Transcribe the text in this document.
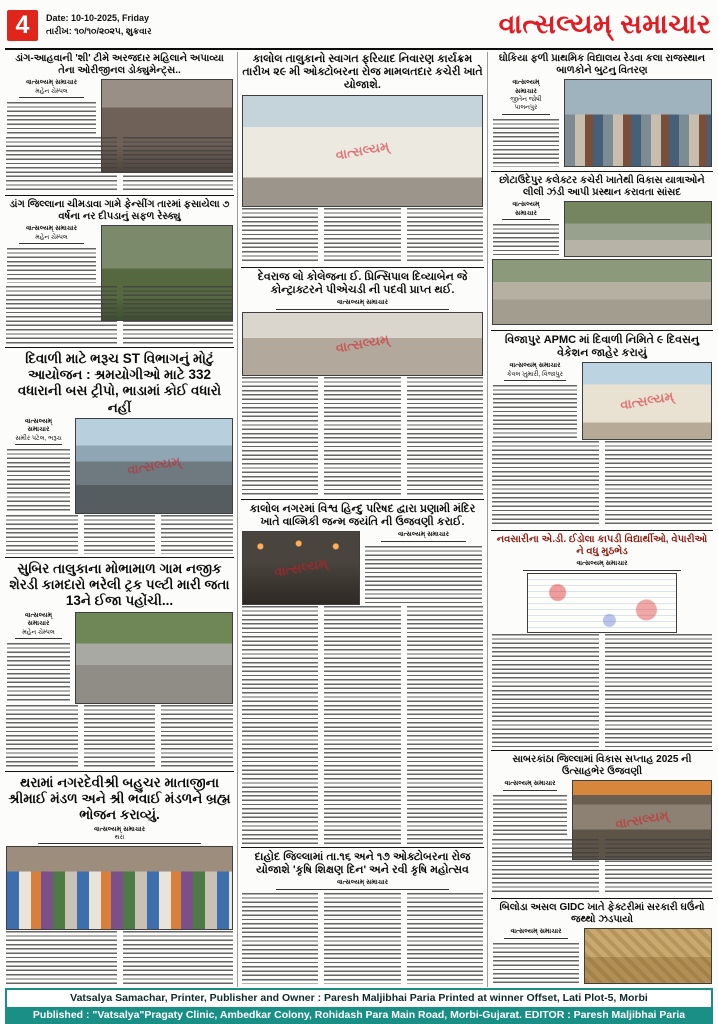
4	Date: 10-10-2025, Friday
તારીખ: ૧૦/૧૦/૨૦૨૫, શુક્રવાર	વાત્સલ્યમ્ સમાચાર
ડાંગ-આહવાની 'શી' ટીમે અરજદાર મહિલાને અપાવ્યા તેના ઓરીજીનલ ડોક્યુમેન્ટ્સ..
વાત્સલ્યમ્ સમાચાર
મહેન ચેમ્પલ
ડાંગ જિલ્લાના ચીમડાવા ગામે ફેન્સીંગ તારમાં ફસાયેલા ૭ વર્ષના નર દીપડાનું સફળ રેસ્ક્યુ
વાત્સલ્યમ્ સમાચાર
મહેન ચેમ્પલ
દિવાળી માટે ભરૂચ ST વિભાગનું મોટું આયોજન : શ્રમયોગીઓ માટે 332 વધારાની બસ ટ્રીપો, ભાડામાં કોઈ વધારો નહીં
વાત્સલ્યમ્ સમાચાર
સમીર પટેલ, ભરૂચ
વાત્સલ્યમ્
સુબિર તાલુકાના મોભામાળ ગામ નજીક શેરડી કામદારો ભરેલી ટ્રક પલ્ટી મારી જતા 13ને ઈજા પહોંચી...
વાત્સલ્યમ્ સમાચાર
મહેન ચેમ્પલ
થરામાં નગરદેવીશ્રી બહુચર માતાજીના શ્રીમાઈ મંડળ અને શ્રી ભવાઈ મંડળને બ્રહ્મ ભોજન કરાવ્યું.
વાત્સલ્યમ્ સમાચાર
થરા
કાલોલ તાલુકાનો સ્વાગત ફરિયાદ નિવારણ કાર્યક્રમ તારીખ ૨૯ મી ઓક્ટોબરના રોજ મામલતદાર કચેરી ખાતે યોજાશે.
વાત્સલ્યમ્
દેવરાજ લો કોલેજના ઈ. પ્રિન્સિપાલ દિવ્યાબેન જે કોન્ટ્રાક્ટરને પીએચડી ની પદવી પ્રાપ્ત થઈ.
વાત્સલ્યમ્ સમાચાર
વાત્સલ્યમ્
કાલોલ નગરમાં વિશ્વ હિન્દુ પરિષદ દ્વારા પ્રણામી મંદિર ખાતે વાલ્મિકી જન્મ જયંતિ ની ઉજવણી કરાઈ.
વાત્સલ્યમ્
વાત્સલ્યમ્ સમાચાર
દાહોદ જિલ્લામાં તા.૧૬ અને ૧૭ ઓક્ટોબરના રોજ યોજાશે 'કૃષિ શિક્ષણ દિન' અને રવી કૃષિ મહોત્સવ
વાત્સલ્યમ્ સમાચાર
ઘોકિયા ફળી પ્રાથમિક વિદ્યાલય રેડવા કલા રાજસ્થાન બાળકોને બુટનુ વિતરણ
વાત્સલ્યમ્ સમાચાર
જીતેન જોષી પાલનપુર
છોટાઉદેપુર કલેક્ટર કચેરી ખાતેથી વિકાસ યાત્રાઓને લીલી ઝંડી આપી પ્રસ્થાન કરાવતા સાંસદ
વાત્સલ્યમ્ સમાચાર
વિજાપુર APMC માં દિવાળી નિમિતે ૯ દિવસનુ વેકેશન જાહેર કરાયું
વાત્સલ્યમ્ સમાચાર
કેવલ ખુમારી, વિજાપુર
વાત્સલ્યમ્
નવસારીના એ.ડી. ઈડોલા કાપડી વિદ્યાર્થીઓ, વેપારીઓ ને વધુ મુઠભેડ
વાત્સલ્યમ્ સમાચાર
સાબરકાંઠા જિલ્લામાં વિકાસ સપ્તાહ 2025 ની ઉત્સાહભેર ઉજવણી
વાત્સલ્યમ્ સમાચાર
વાત્સલ્યમ્
બિલોડા અસલ GIDC ખાતે ફેક્ટરીમાં સરકારી ઘઉંનો જથ્થો ઝડપાયો
વાત્સલ્યમ્ સમાચાર
Vatsalya Samachar, Printer, Publisher and Owner : Paresh Maljibhai Paria Printed at winner Offset, Lati Plot-5, Morbi
Published : "Vatsalya"Pragaty Clinic, Ambedkar Colony, Rohidash Para Main Road, Morbi-Gujarat. EDITOR : Paresh Maljibhai Paria
